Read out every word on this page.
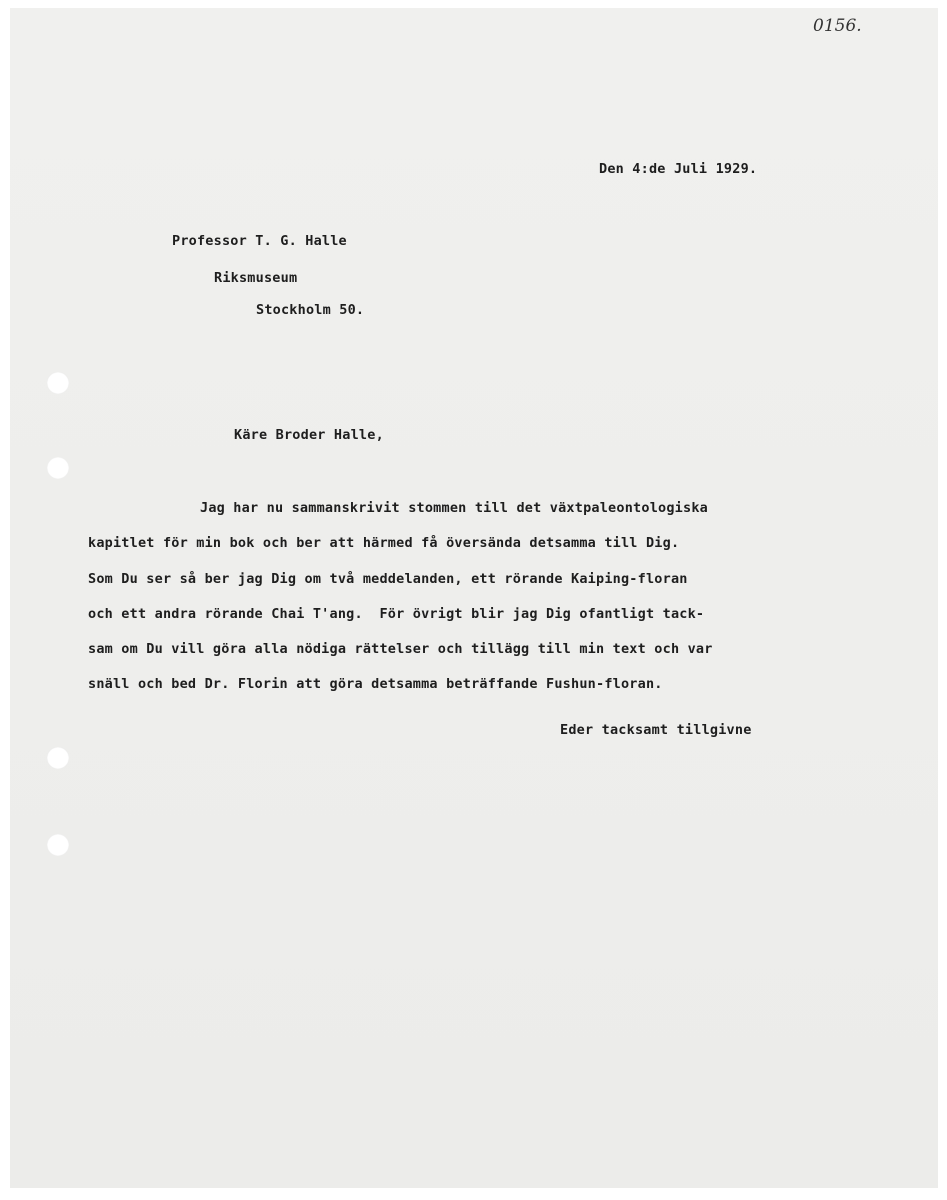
0156.
Den 4:de Juli 1929.
Professor T. G. Halle
Riksmuseum
Stockholm 50.
Käre Broder Halle,
Jag har nu sammanskrivit stommen till det växtpaleontologiska
kapitlet för min bok och ber att härmed få översända detsamma till Dig.
Som Du ser så ber jag Dig om två meddelanden, ett rörande Kaiping-floran
och ett andra rörande Chai T'ang.  För övrigt blir jag Dig ofantligt tack-
sam om Du vill göra alla nödiga rättelser och tillägg till min text och var
snäll och bed Dr. Florin att göra detsamma beträffande Fushun-floran.
Eder tacksamt tillgivne
